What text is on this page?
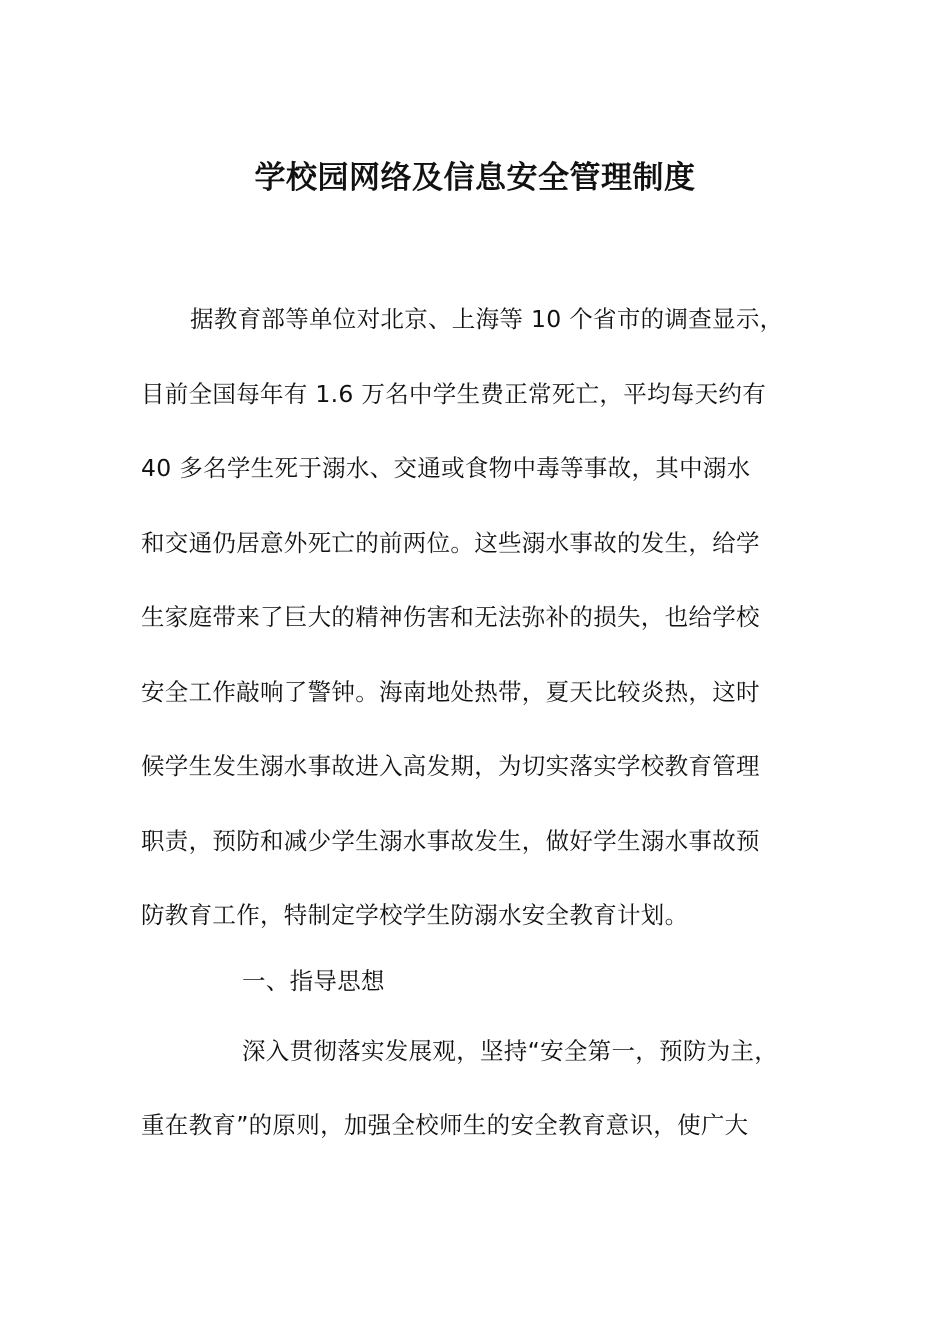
学校园网络及信息安全管理制度
据教育部等单位对北京、上海等 10 个省市的调查显示，
目前全国每年有 1.6 万名中学生费正常死亡，平均每天约有
40 多名学生死于溺水、交通或食物中毒等事故，其中溺水
和交通仍居意外死亡的前两位。这些溺水事故的发生，给学
生家庭带来了巨大的精神伤害和无法弥补的损失，也给学校
安全工作敲响了警钟。海南地处热带，夏天比较炎热，这时
候学生发生溺水事故进入高发期，为切实落实学校教育管理
职责，预防和减少学生溺水事故发生，做好学生溺水事故预
防教育工作，特制定学校学生防溺水安全教育计划。
一、指导思想
深入贯彻落实发展观，坚持“安全第一，预防为主，
重在教育”的原则，加强全校师生的安全教育意识，使广大
